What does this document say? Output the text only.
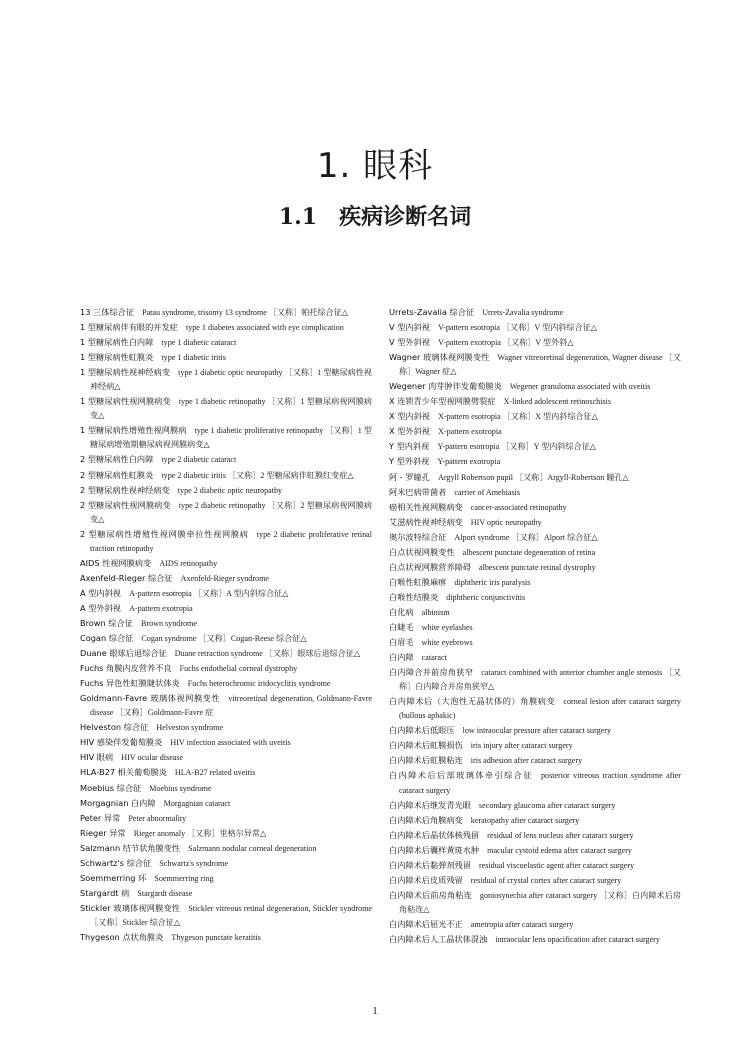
1. 眼科
1.1 疾病诊断名词

13 三体综合征  Patau syndrome, trisomy 13 syndrome ［又称］帕托综合征△

1 型糖尿病伴有眼的并发症  type 1 diabetes associated with eye complication

1 型糖尿病性白内障  type 1 diabetic cataract

1 型糖尿病性虹膜炎  type 1 diabetic iritis

1 型糖尿病性视神经病变  type 1 diabetic optic neuropathy ［又称］1 型糖尿病性视神经病△

1 型糖尿病性视网膜病变  type 1 diabetic retinopathy ［又称］1 型糖尿病视网膜病变△

1 型糖尿病性增殖性视网膜病  type 1 diabetic proliferative retinopathy ［又称］1 型糖尿病增殖期糖尿病视网膜病变△

2 型糖尿病性白内障  type 2 diabetic cataract

2 型糖尿病性虹膜炎  type 2 diabetic iritis ［又称］2 型糖尿病伴虹膜红变症△

2 型糖尿病性视神经病变  type 2 diabetic optic neuropathy

2 型糖尿病性视网膜病变  type 2 diabetic retinopathy ［又称］2 型糖尿病视网膜病变△

2 型糖尿病性增殖性视网膜牵拉性视网膜病  type 2 diabetic proliferative retinal traction retinopathy

AIDS 性视网膜病变  AIDS retinopathy

Axenfeld-Rieger 综合征  Axenfeld-Rieger syndrome

A 型内斜视  A-pattern esotropia ［又称］A 型内斜综合征△

A 型外斜视  A-pattern exotropia

Brown 综合征  Brown syndrome

Cogan 综合征  Cogan syndrome ［又称］Cogan-Reese 综合征△

Duane 眼球后退综合征  Duane retraction syndrome ［又称］眼球后退综合征△

Fuchs 角膜内皮营养不良  Fuchs endothelial corneal dystrophy

Fuchs 异色性虹膜睫状体炎  Fuchs heterochromic iridocyclitis syndrome

Goldmann-Favre 玻璃体视网膜变性  vitreoretinal degeneration, Goldmann-Favre disease ［又称］Goldmann-Favre 症

Helveston 综合征  Helveston syndrome

HIV 感染伴发葡萄膜炎  HIV infection associated with uveitis

HIV 眼病  HIV ocular disease

HLA-B27 相关葡萄膜炎  HLA-B27 related uveitis

Moebius 综合征  Moebius syndrome

Morgagnian 白内障  Morgagnian cataract

Peter 异常  Peter abnormality

Rieger 异常  Rieger anomaly ［又称］里格尔异常△

Salzmann 结节状角膜变性  Salzmann nodular corneal degeneration

Schwartz's 综合征  Schwartz's syndrome

Soemmerring 环  Soemmerring ring

Stargardt 病  Stargardt disease

Stickler 玻璃体视网膜变性  Stickler vitreous retinal degeneration, Stickler syndrome ［又称］Stickler 综合征△

Thygeson 点状角膜炎  Thygeson punctate keratitis

Urrets-Zavalia 综合征  Urrets-Zavalia syndrome

V 型内斜视  V-pattern esotropia ［又称］V 型内斜综合征△

V 型外斜视  V-pattern exotropia ［又称］V 型外斜△

Wagner 玻璃体视网膜变性  Wagner vitreoretinal degeneration, Wagner disease ［又称］Wagner 症△

Wegener 肉芽肿伴发葡萄膜炎  Wegener granuloma associated with uveitis

X 连锁青少年型视网膜劈裂症  X-linked adolescent retinoschisis

X 型内斜视  X-pattern esotropia ［又称］X 型内斜综合征△

X 型外斜视  X-pattern exotropia

Y 型内斜视  Y-pattern esotropia ［又称］Y 型内斜综合征△

Y 型外斜视  Y-pattern exotropia

阿 - 罗瞳孔  Argyll Robertson pupil ［又称］Argyll-Robertson 瞳孔△

阿米巴病带菌者  carrier of Amebiasis

癌相关性视网膜病变  cancer-associated retinopathy

艾滋病性视神经病变  HIV optic neuropathy

奥尔波特综合征  Alport syndrome ［又称］Alport 综合征△

白点状视网膜变性  albescent punctate degeneration of retina

白点状视网膜营养障碍  albescent punctate retinal dystrophy

白喉性虹膜麻痹  diphtheric iris paralysis

白喉性结膜炎  diphtheric conjunctivitis

白化病  albinism

白睫毛  white eyelashes

白眉毛  white eyebrows

白内障  cataract

白内障合并前房角狭窄  cataract combined with anterior chamber angle stenosis ［又称］白内障合并房角狭窄△

白内障术后（大泡性无晶状体的）角膜病变  corneal lesion after cataract surgery (bullous aphakic)

白内障术后低眼压  low intraocular pressure after cataract surgery

白内障术后虹膜损伤  iris injury after cataract surgery

白内障术后虹膜粘连  iris adhesion after cataract surgery

白内障术后后部玻璃体牵引综合征  posterior vitreous traction syndrome after cataract surgery

白内障术后继发青光眼  secondary glaucoma after cataract surgery

白内障术后角膜病变  keratopathy after cataract surgery

白内障术后晶状体核残留  residual of lens nucleus after cataract surgery

白内障术后囊样黄斑水肿  macular cystoid edema after cataract surgery

白内障术后黏弹剂残留  residual viscoelastic agent after cataract surgery

白内障术后皮质残留  residual of crystal cortex after cataract surgery

白内障术后前房角粘连  goniosynechia after cataract surgery ［又称］白内障术后房角粘连△

白内障术后屈光不正  ametropia after cataract surgery

白内障术后人工晶状体混浊  intraocular lens opacification after cataract surgery

1
